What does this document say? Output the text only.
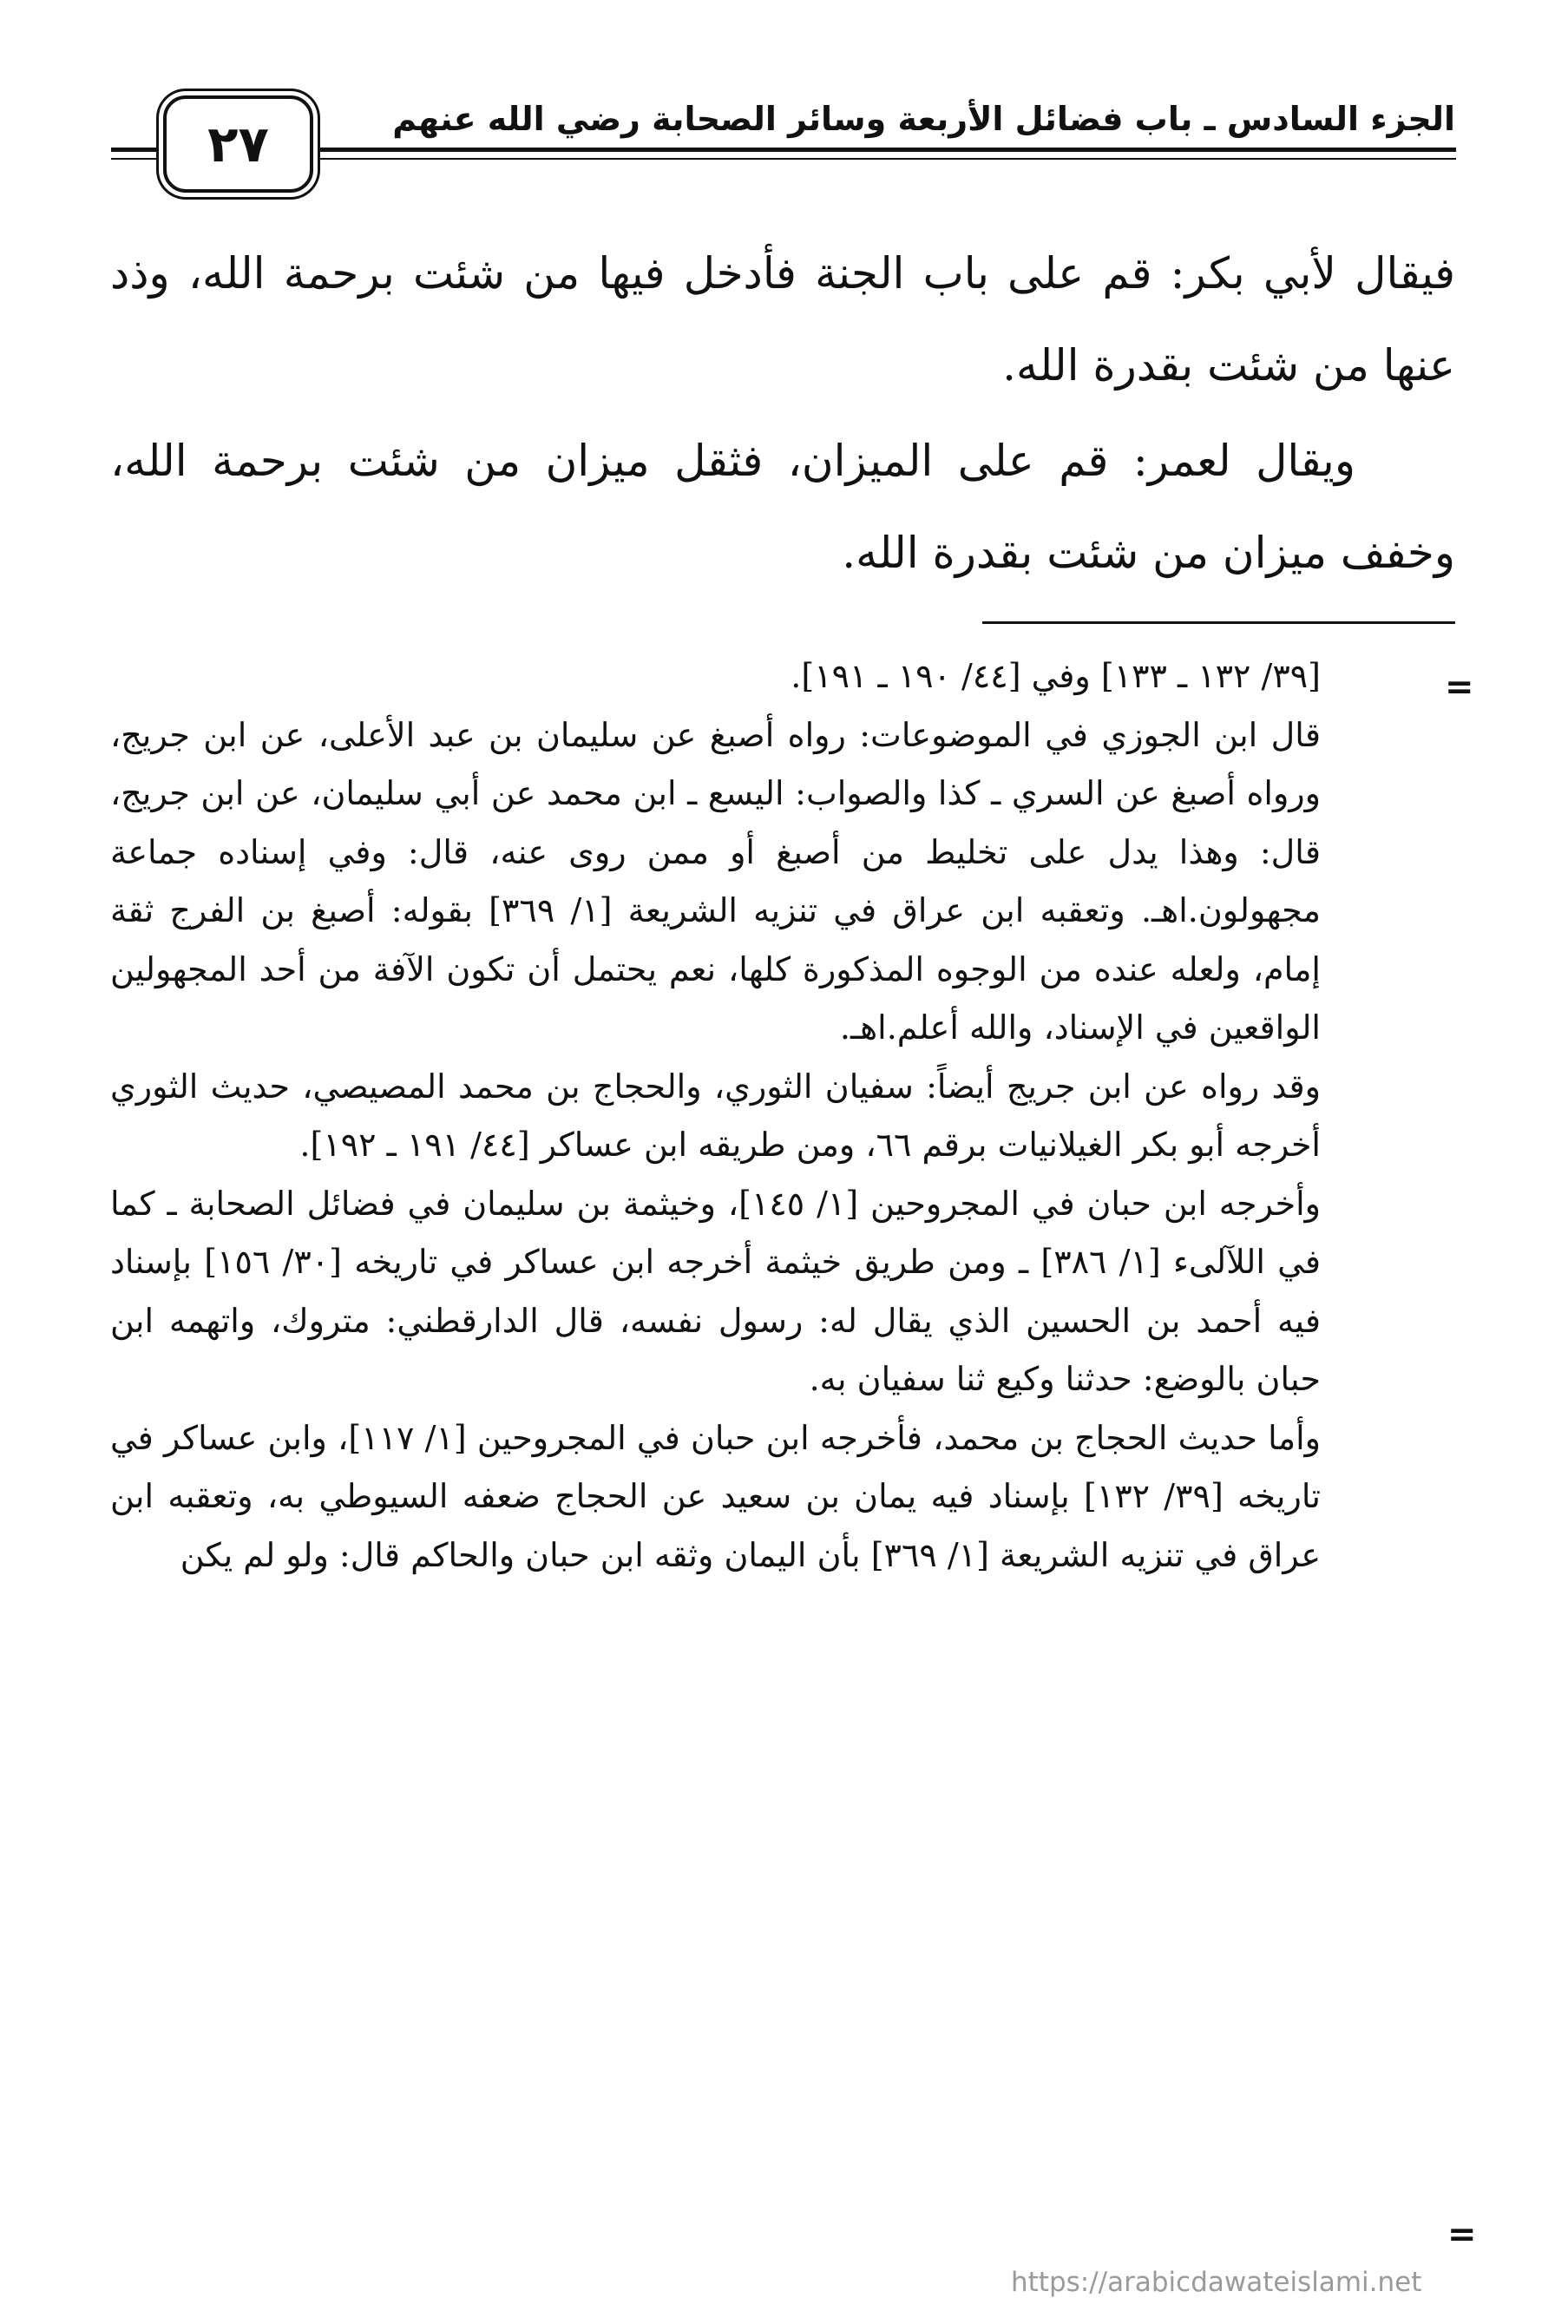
الجزء السادس ـ باب فضائل الأربعة وسائر الصحابة رضي الله عنهم
٢٧

فيقال لأبي بكر: قم على باب الجنة فأدخل فيها من شئت برحمة الله، وذد عنها من شئت بقدرة الله.

ويقال لعمر: قم على الميزان، فثقل ميزان من شئت برحمة الله، وخفف ميزان من شئت بقدرة الله.

=

[٣٩/ ١٣٢ ـ ١٣٣] وفي [٤٤/ ١٩٠ ـ ١٩١].

قال ابن الجوزي في الموضوعات: رواه أصبغ عن سليمان بن عبد الأعلى، عن ابن جريج، ورواه أصبغ عن السري ـ كذا والصواب: اليسع ـ ابن محمد عن أبي سليمان، عن ابن جريج، قال: وهذا يدل على تخليط من أصبغ أو ممن روى عنه، قال: وفي إسناده جماعة مجهولون.اهـ. وتعقبه ابن عراق في تنزيه الشريعة [١/ ٣٦٩] بقوله: أصبغ بن الفرج ثقة إمام، ولعله عنده من الوجوه المذكورة كلها، نعم يحتمل أن تكون الآفة من أحد المجهولين الواقعين في الإسناد، والله أعلم.اهـ.

وقد رواه عن ابن جريج أيضاً: سفيان الثوري، والحجاج بن محمد المصيصي، حديث الثوري أخرجه أبو بكر الغيلانيات برقم ٦٦، ومن طريقه ابن عساكر [٤٤/ ١٩١ ـ ١٩٢].

وأخرجه ابن حبان في المجروحين [١/ ١٤٥]، وخيثمة بن سليمان في فضائل الصحابة ـ كما في اللآلىء [١/ ٣٨٦] ـ ومن طريق خيثمة أخرجه ابن عساكر في تاريخه [٣٠/ ١٥٦] بإسناد فيه أحمد بن الحسين الذي يقال له: رسول نفسه، قال الدارقطني: متروك، واتهمه ابن حبان بالوضع: حدثنا وكيع ثنا سفيان به.

وأما حديث الحجاج بن محمد، فأخرجه ابن حبان في المجروحين [١/ ١١٧]، وابن عساكر في تاريخه [٣٩/ ١٣٢] بإسناد فيه يمان بن سعيد عن الحجاج ضعفه السيوطي به، وتعقبه ابن عراق في تنزيه الشريعة [١/ ٣٦٩] بأن اليمان وثقه ابن حبان والحاكم قال: ولو لم يكن

=
https://arabicdawateislami.net
